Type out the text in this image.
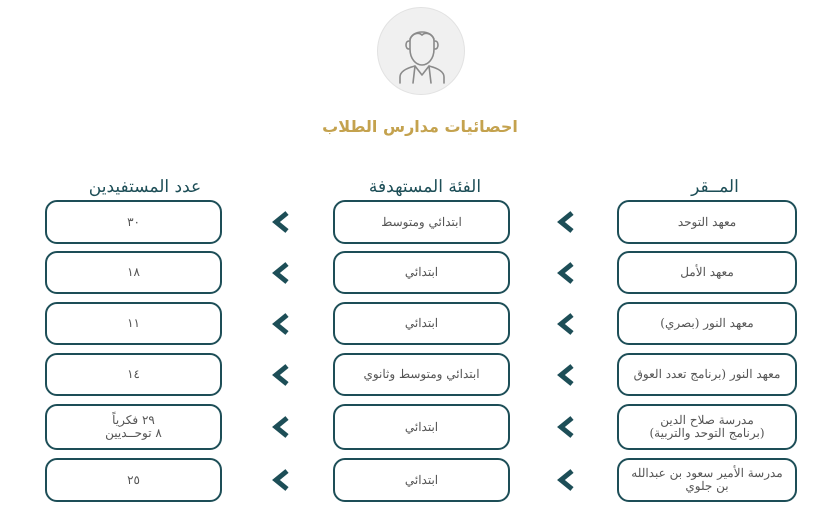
احصائيات مدارس الطلاب
المــقر
الفئة المستهدفة
عدد المستفيدين
معهد التوحد
ابتدائي ومتوسط
٣٠
معهد الأمل
ابتدائي
١٨
معهد النور (بصري)
ابتدائي
١١
معهد النور (برنامج تعدد العوق
ابتدائي ومتوسط وثانوي
١٤
مدرسة صلاح الدين
(برنامج التوحد والتربية)
ابتدائي
٢٩ فكرياً
٨ توحــديين
مدرسة الأمير سعود بن عبدالله
بن جلوي
ابتدائي
٢٥
